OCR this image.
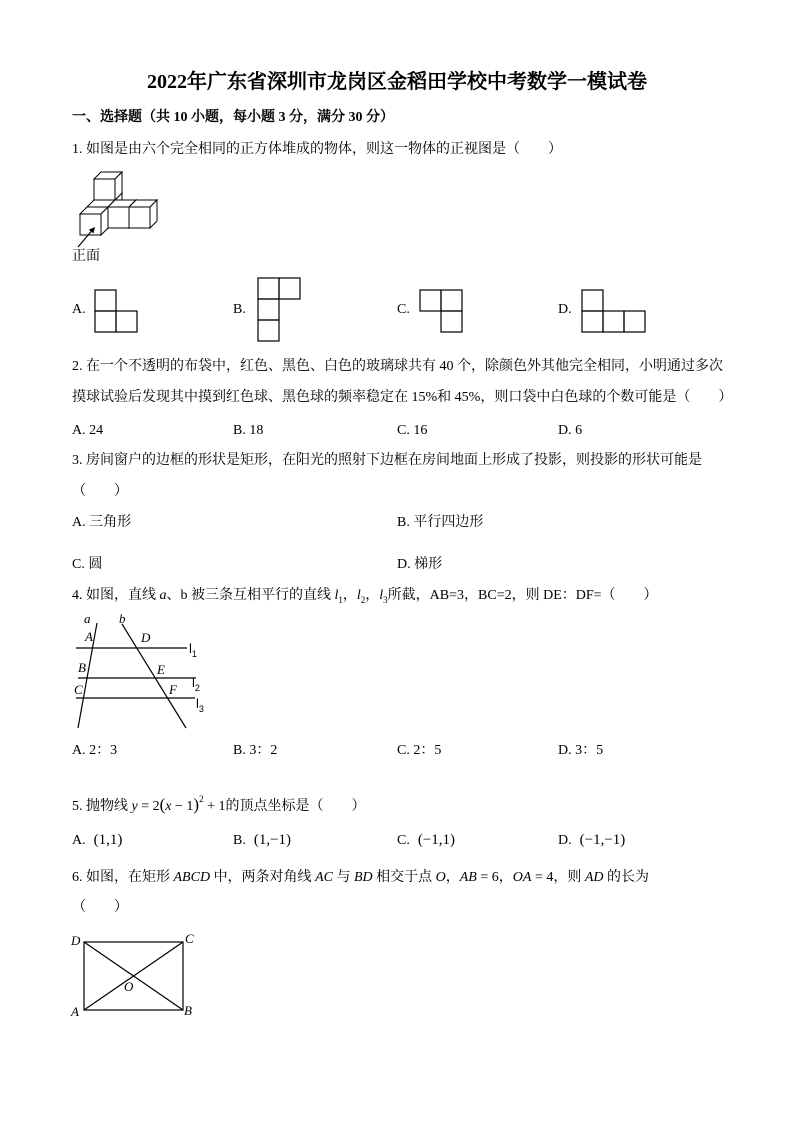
2022年广东省深圳市龙岗区金稻田学校中考数学一模试卷
一、选择题（共 10 小题，每小题 3 分，满分 30 分）
1. 如图是由六个完全相同的正方体堆成的物体，则这一物体的正视图是（　　）
正面
A.	B.	C.	D.
2. 在一个不透明的布袋中，红色、黑色、白色的玻璃球共有 40 个，除颜色外其他完全相同，小明通过多次
摸球试验后发现其中摸到红色球、黑色球的频率稳定在 15%和 45%，则口袋中白色球的个数可能是（　　）
A. 24	B. 18	C. 16	D. 6
3. 房间窗户的边框的形状是矩形，在阳光的照射下边框在房间地面上形成了投影，则投影的形状可能是
（　　）
A. 三角形	B. 平行四边形
C. 圆	D. 梯形
4. 如图，直线 a、b 被三条互相平行的直线 $l_1$，$l_2$，$l_3$所截，AB=3，BC=2，则 DE：DF=（　　）
a b
A	D
B	E
C	F
$l_1$
$l_2$
$l_3$
A. 2：3	B. 3：2	C. 2：5	D. 3：5
5. 抛物线 $y = 2(x - 1)^2 + 1$的顶点坐标是（　　）
A. (1,1)	B. (1,−1)	C. (−1,1)	D. (−1,−1)
6. 如图，在矩形 ABCD 中，两条对角线 AC 与 BD 相交于点 O，AB = 6，OA = 4，则 AD 的长为
（　　）
D	C
A	B
O
